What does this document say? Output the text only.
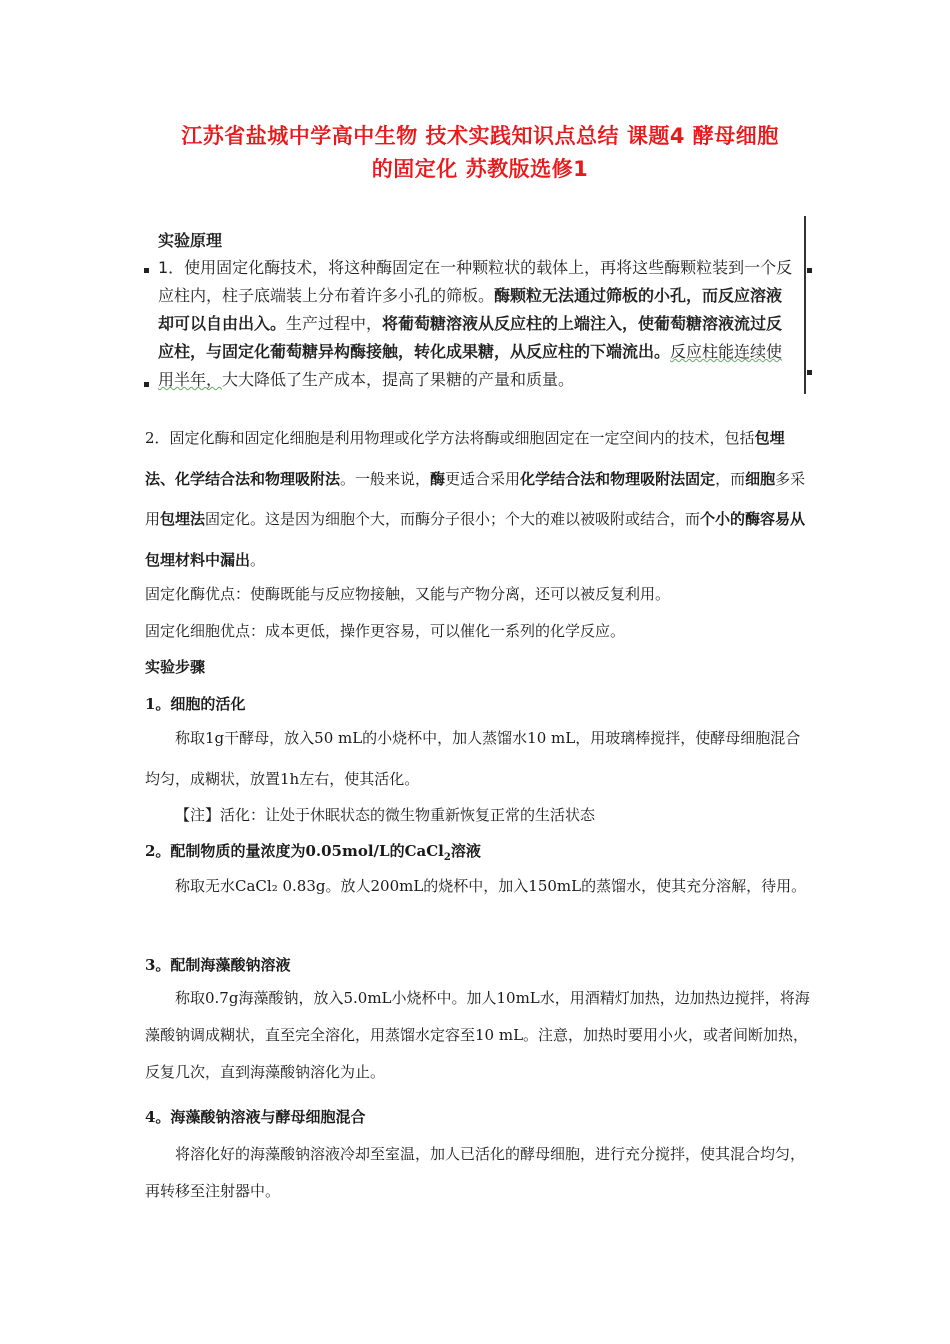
江苏省盐城中学高中生物 技术实践知识点总结 课题4 酵母细胞
的固定化 苏教版选修1
实验原理
1．使用固定化酶技术，将这种酶固定在一种颗粒状的载体上，再将这些酶颗粒装到一个反应柱内，柱子底端装上分布着许多小孔的筛板。酶颗粒无法通过筛板的小孔，而反应溶液却可以自由出入。生产过程中，将葡萄糖溶液从反应柱的上端注入，使葡萄糖溶液流过反应柱，与固定化葡萄糖异构酶接触，转化成果糖，从反应柱的下端流出。反应柱能连续使用半年，大大降低了生产成本，提高了果糖的产量和质量。
2．固定化酶和固定化细胞是利用物理或化学方法将酶或细胞固定在一定空间内的技术，包括包埋法、化学结合法和物理吸附法。一般来说，酶更适合采用化学结合法和物理吸附法固定，而细胞多采用包埋法固定化。这是因为细胞个大，而酶分子很小；个大的难以被吸附或结合，而个小的酶容易从包埋材料中漏出。
固定化酶优点：使酶既能与反应物接触，又能与产物分离，还可以被反复利用。
固定化细胞优点：成本更低，操作更容易，可以催化一系列的化学反应。
实验步骤
1。细胞的活化
称取1g干酵母，放入50 mL的小烧杯中，加人蒸馏水10 mL，用玻璃棒搅拌，使酵母细胞混合均匀，成糊状，放置1h左右，使其活化。
【注】活化：让处于休眠状态的微生物重新恢复正常的生活状态
2。配制物质的量浓度为0.05mol/L的CaCl$_2$溶液
称取无水CaCl₂ 0.83g。放人200mL的烧杯中，加入150mL的蒸馏水，使其充分溶解，待用。
3。配制海藻酸钠溶液
称取0.7g海藻酸钠，放入5.0mL小烧杯中。加人10mL水，用酒精灯加热，边加热边搅拌，将海藻酸钠调成糊状，直至完全溶化，用蒸馏水定容至10 mL。注意，加热时要用小火，或者间断加热，反复几次，直到海藻酸钠溶化为止。
4。海藻酸钠溶液与酵母细胞混合
将溶化好的海藻酸钠溶液冷却至室温，加人已活化的酵母细胞，进行充分搅拌，使其混合均匀，再转移至注射器中。
